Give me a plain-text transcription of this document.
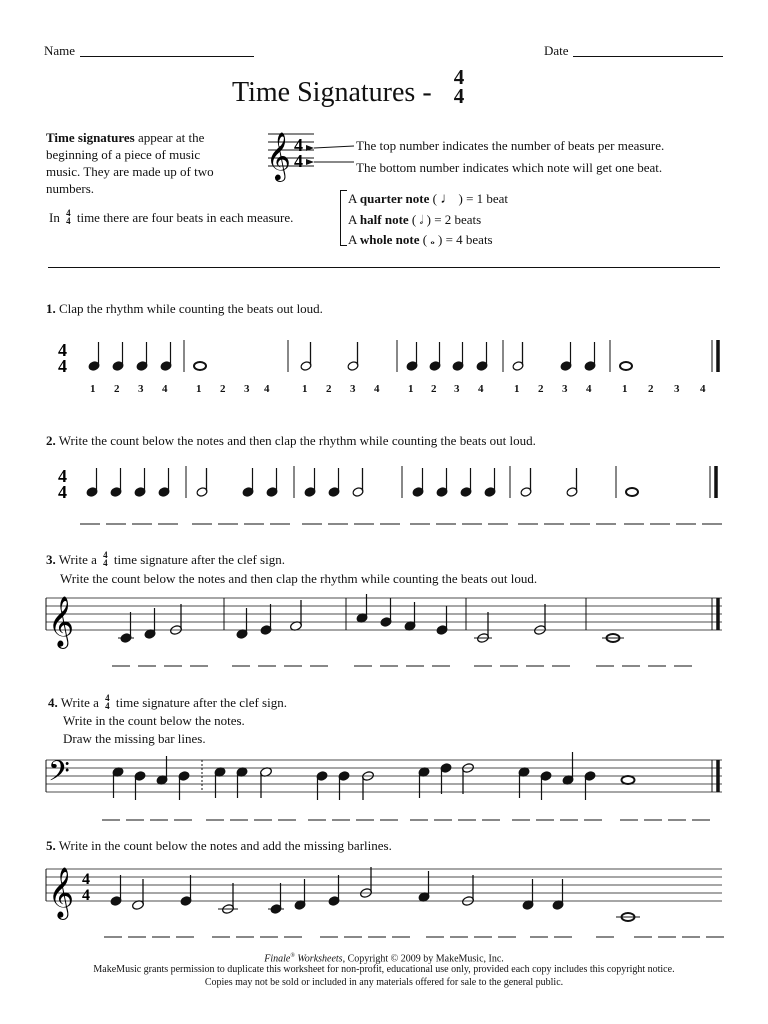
Name	Date
Time Signatures - 4
4
Time signatures appear at the
beginning of a piece of music
music. They are made up of two
numbers.
In 4
4 time there are four beats in each measure.
𝄞 4
4
The top number indicates the number of beats per measure.
The bottom number indicates which note will get one beat.
A quarter note ( ♩ ) = 1 beat
A half note ( 𝅗𝅥 ) = 2 beats
A whole note ( 𝅝 ) = 4 beats
1. Clap the rhythm while counting the beats out loud.
4
4
1 2 3 4	1 2 3 4	1 2 3 4	1 2 3 4	1 2 3 4	1 2 3 4
2. Write the count below the notes and then clap the rhythm while counting the beats out loud.
4
4
3. Write a 4
4 time signature after the clef sign.
Write the count below the notes and then clap the rhythm while counting the beats out loud.
𝄞
4. Write a 4
4 time signature after the clef sign.
Write in the count below the notes.
Draw the missing bar lines.
𝄢
5. Write in the count below the notes and add the missing barlines.
𝄞 4
4
Finale® Worksheets, Copyright © 2009 by MakeMusic, Inc.
MakeMusic grants permission to duplicate this worksheet for non-profit, educational use only, provided each copy includes this copyright notice.
Copies may not be sold or included in any materials offered for sale to the general public.
